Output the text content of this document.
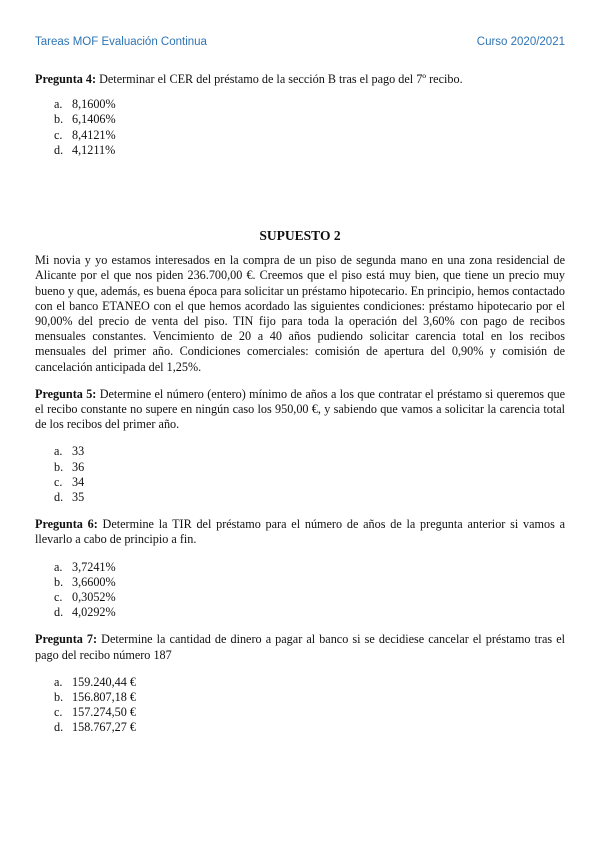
Tareas MOF Evaluación Continua	Curso 2020/2021

Pregunta 4: Determinar el CER del préstamo de la sección B tras el pago del 7º recibo.

a. 8,1600%
b. 6,1406%
c. 8,4121%
d. 4,1211%
SUPUESTO 2

Mi novia y yo estamos interesados en la compra de un piso de segunda mano en una zona residencial de Alicante por el que nos piden 236.700,00 €. Creemos que el piso está muy bien, que tiene un precio muy bueno y que, además, es buena época para solicitar un préstamo hipotecario. En principio, hemos contactado con el banco ETANEO con el que hemos acordado las siguientes condiciones: préstamo hipotecario por el 90,00% del precio de venta del piso. TIN fijo para toda la operación del 3,60% con pago de recibos mensuales constantes. Vencimiento de 20 a 40 años pudiendo solicitar carencia total en los recibos mensuales del primer año. Condiciones comerciales: comisión de apertura del 0,90% y comisión de cancelación anticipada del 1,25%.

Pregunta 5: Determine el número (entero) mínimo de años a los que contratar el préstamo si queremos que el recibo constante no supere en ningún caso los 950,00 €, y sabiendo que vamos a solicitar la carencia total de los recibos del primer año.

a. 33
b. 36
c. 34
d. 35

Pregunta 6: Determine la TIR del préstamo para el número de años de la pregunta anterior si vamos a llevarlo a cabo de principio a fin.

a. 3,7241%
b. 3,6600%
c. 0,3052%
d. 4,0292%

Pregunta 7: Determine la cantidad de dinero a pagar al banco si se decidiese cancelar el préstamo tras el pago del recibo número 187

a. 159.240,44 €
b. 156.807,18 €
c. 157.274,50 €
d. 158.767,27 €
